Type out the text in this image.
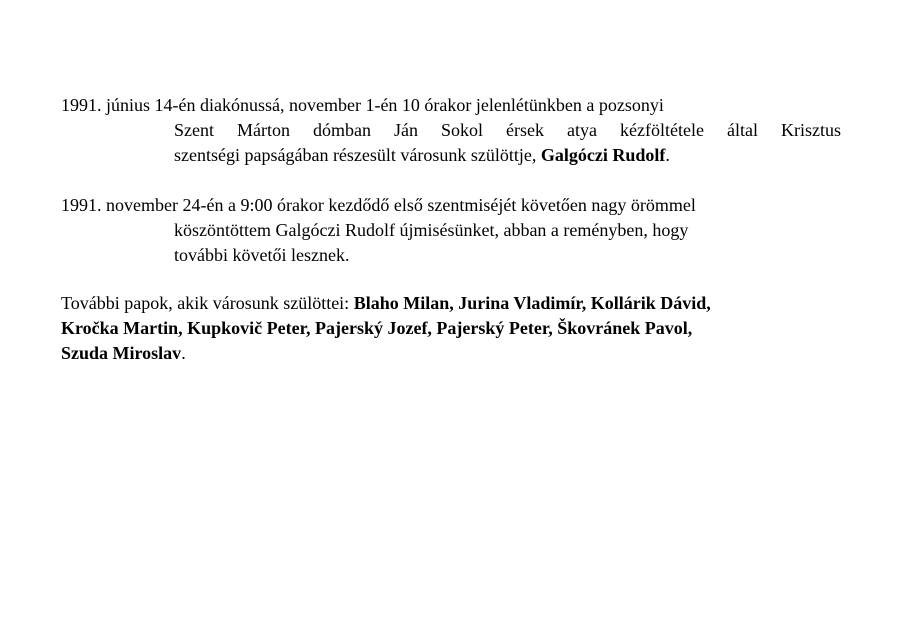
1991. június 14-én diakónussá, november 1-én 10 órakor jelenlétünkben a pozsonyi

Szent Márton dómban Ján Sokol érsek atya kézföltétele által Krisztus

szentségi papságában részesült városunk szülöttje, Galgóczi Rudolf.

1991. november 24-én a 9:00 órakor kezdődő első szentmiséjét követően nagy örömmel

köszöntöttem Galgóczi Rudolf újmisésünket, abban a reményben, hogy

további követői lesznek.

További papok, akik városunk szülöttei: Blaho Milan, Jurina Vladimír, Kollárik Dávid,

Kročka Martin, Kupkovič Peter, Pajerský Jozef, Pajerský Peter, Škovránek Pavol,

Szuda Miroslav.
